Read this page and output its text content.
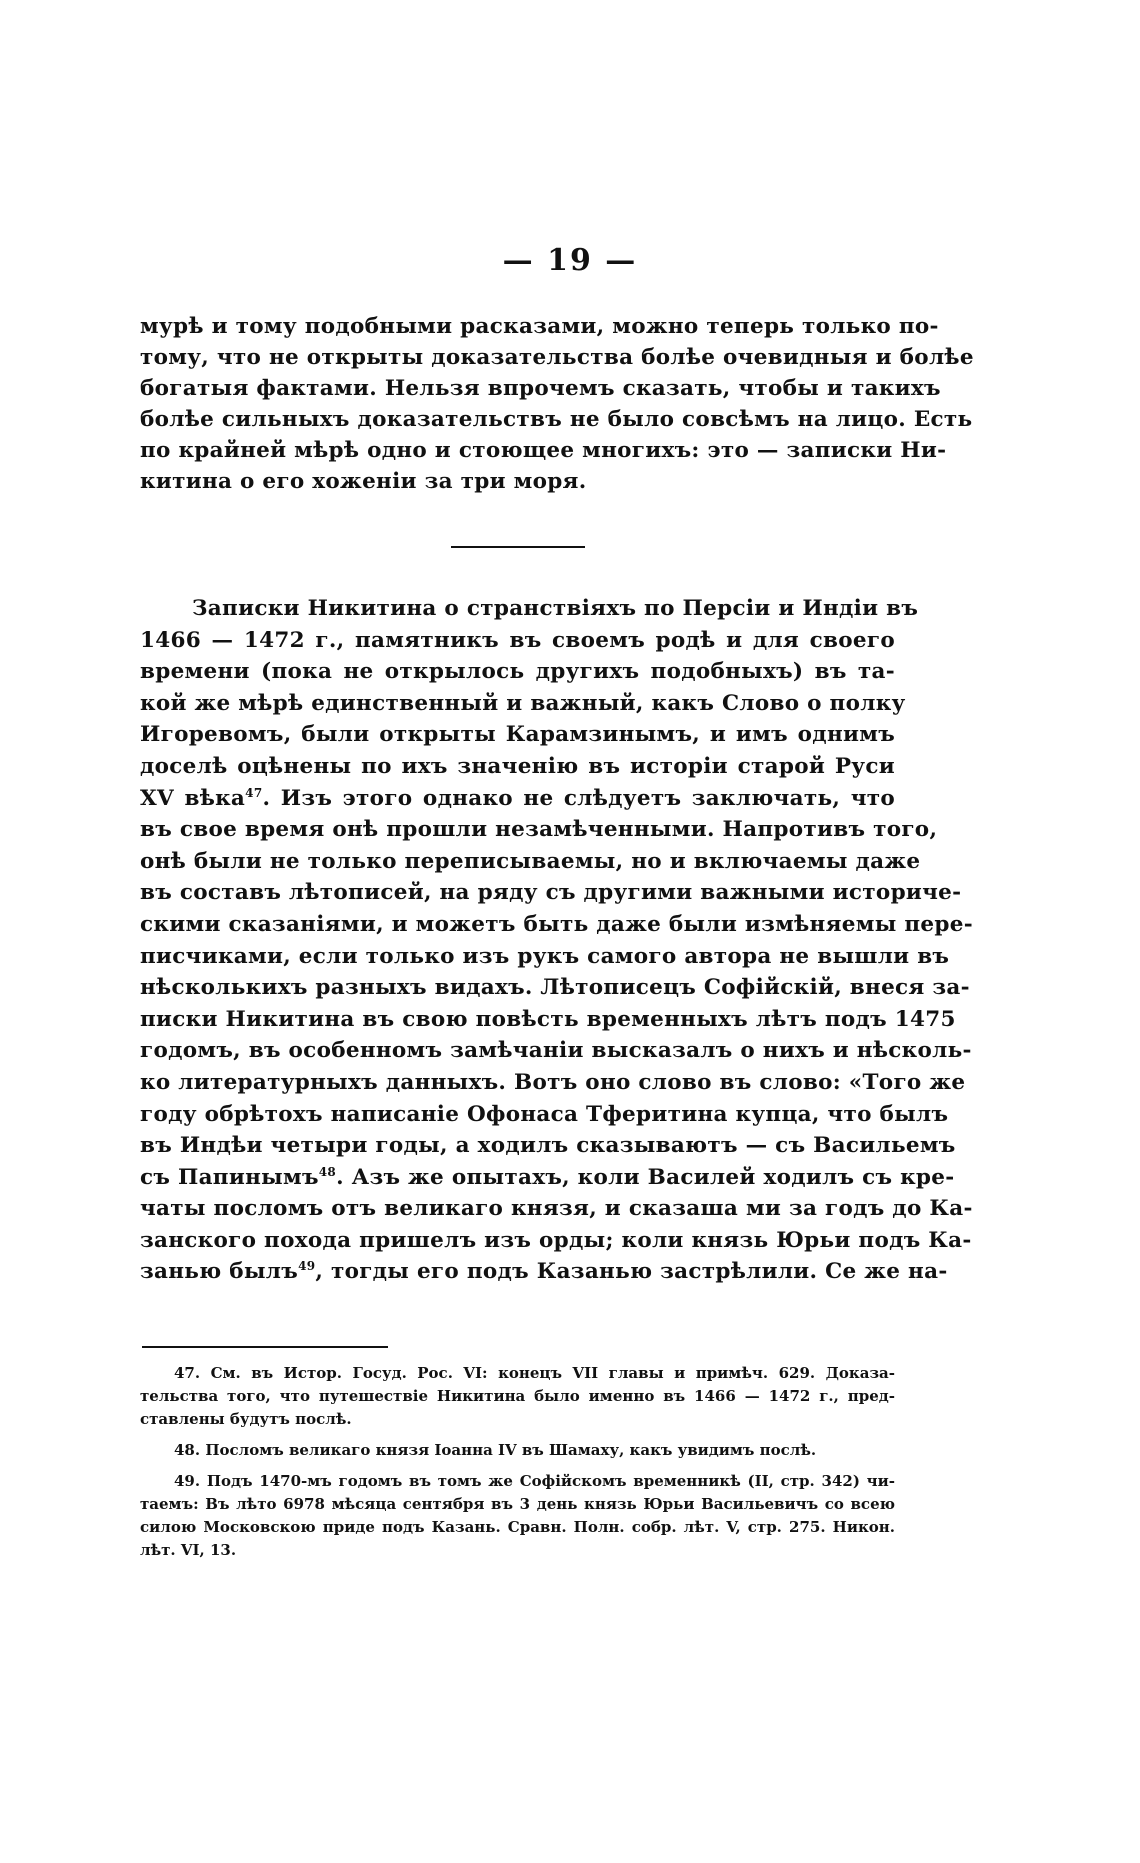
— 19 —
мурѣ и тому подобными расказами, можно теперь только по-
тому, что не открыты доказательства болѣе очевидныя и болѣе
богатыя фактами. Нельзя впрочемъ сказать, чтобы и такихъ
болѣе сильныхъ доказательствъ не было совсѣмъ на лицо. Есть
по крайней мѣрѣ одно и стоющее многихъ: это — записки Ни-
китина о его хоженіи за три моря.
Записки Никитина о странствіяхъ по Персіи и Индіи въ
1466 — 1472 г., памятникъ въ своемъ родѣ и для своего
времени (пока не открылось другихъ подобныхъ) въ та-
кой же мѣрѣ единственный и важный, какъ Слово о полку
Игоревомъ, были открыты Карамзинымъ, и имъ однимъ
доселѣ оцѣнены по ихъ значенію въ исторіи старой Руси
XV вѣка$^{47}$. Изъ этого однако не слѣдуетъ заключать, что
въ свое время онѣ прошли незамѣченными. Напротивъ того,
онѣ были не только переписываемы, но и включаемы даже
въ составъ лѣтописей, на ряду съ другими важными историче-
скими сказаніями, и можетъ быть даже были измѣняемы пере-
писчиками, если только изъ рукъ самого автора не вышли въ
нѣсколькихъ разныхъ видахъ. Лѣтописецъ Софійскій, внеся за-
писки Никитина въ свою повѣсть временныхъ лѣтъ подъ 1475
годомъ, въ особенномъ замѣчаніи высказалъ о нихъ и нѣсколь-
ко литературныхъ данныхъ. Вотъ оно слово въ слово: «Того же
году обрѣтохъ написаніе Офонаса Тферитина купца, что былъ
въ Индѣи четыри годы, а ходилъ сказываютъ — съ Васильемъ
съ Папинымъ$^{48}$. Азъ же опытахъ, коли Василей ходилъ съ кре-
чаты посломъ отъ великаго князя, и сказаша ми за годъ до Ка-
занского похода пришелъ изъ орды; коли князь Юрьи подъ Ка-
занью былъ$^{49}$, тогды его подъ Казанью застрѣлили. Се же на-
47. См. въ Истор. Госуд. Рос. VI: конецъ VII главы и примѣч. 629. Доказа-
тельства того, что путешествіе Никитина было именно въ 1466 — 1472 г., пред-
ставлены будутъ послѣ.
48. Посломъ великаго князя Іоанна IV въ Шамаху, какъ увидимъ послѣ.
49. Подъ 1470-мъ годомъ въ томъ же Софійскомъ временникѣ (II, стр. 342) чи-
таемъ: Въ лѣто 6978 мѣсяца сентября въ 3 день князь Юрьи Васильевичъ со всею
силою Московскою приде подъ Казань. Сравн. Полн. собр. лѣт. V, стр. 275. Никон.
лѣт. VI, 13.
